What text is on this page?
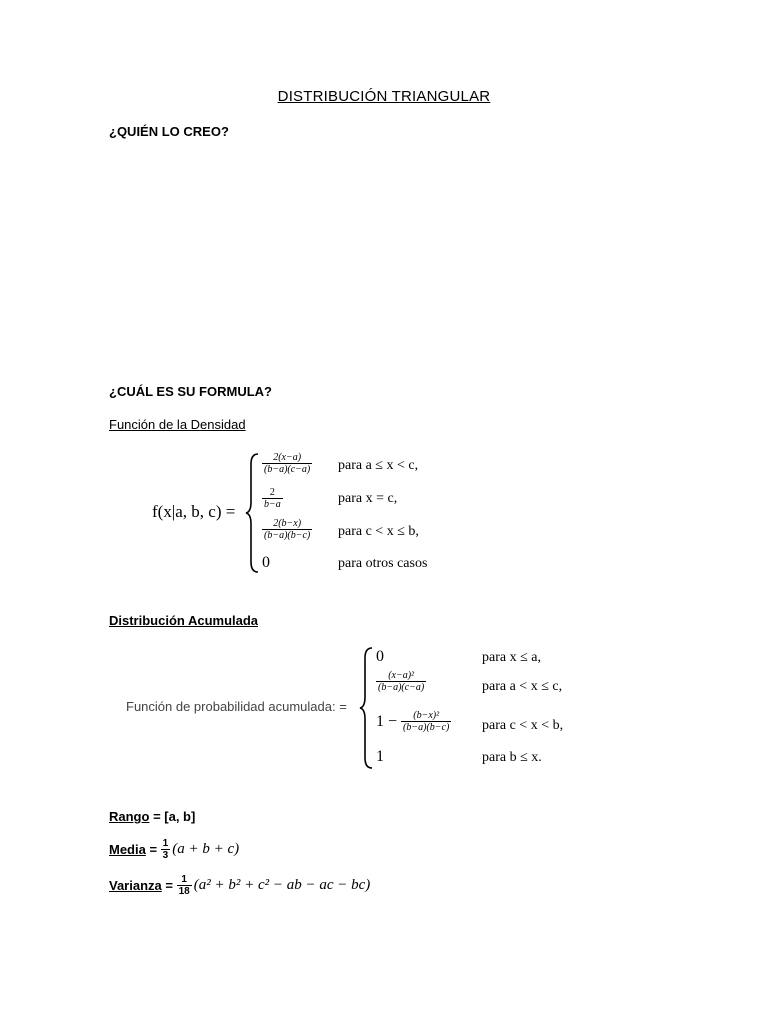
DISTRIBUCIÓN TRIANGULAR
¿QUIÉN LO CREO?
¿CUÁL ES SU FORMULA?
Función de la Densidad
f(x|a, b, c) =
$\frac{2(x-a)}{(b-a)(c-a)}$ para a ≤ x < c,
$\frac{2}{b-a}$	para x = c,
$\frac{2(b-x)}{(b-a)(b-c)}$ para c < x ≤ b,
0	para otros casos
Distribución Acumulada
Función de probabilidad acumulada: =
0	para x ≤ a,
$\frac{\text{(x−a)²}}{(b-a)(c-a)}$	para a < x ≤ c,
$1 - \frac{\text{(b−x)²}}{(b-a)(b-c)}$ para c < x < b,
1	para b ≤ x.
Rango = [a, b]
Media = $\frac{1}{3} (a + b + c)$
Varianza = $\frac{1}{18} (a^2 + b^2 + c^2$ − ab − ac − bc)
